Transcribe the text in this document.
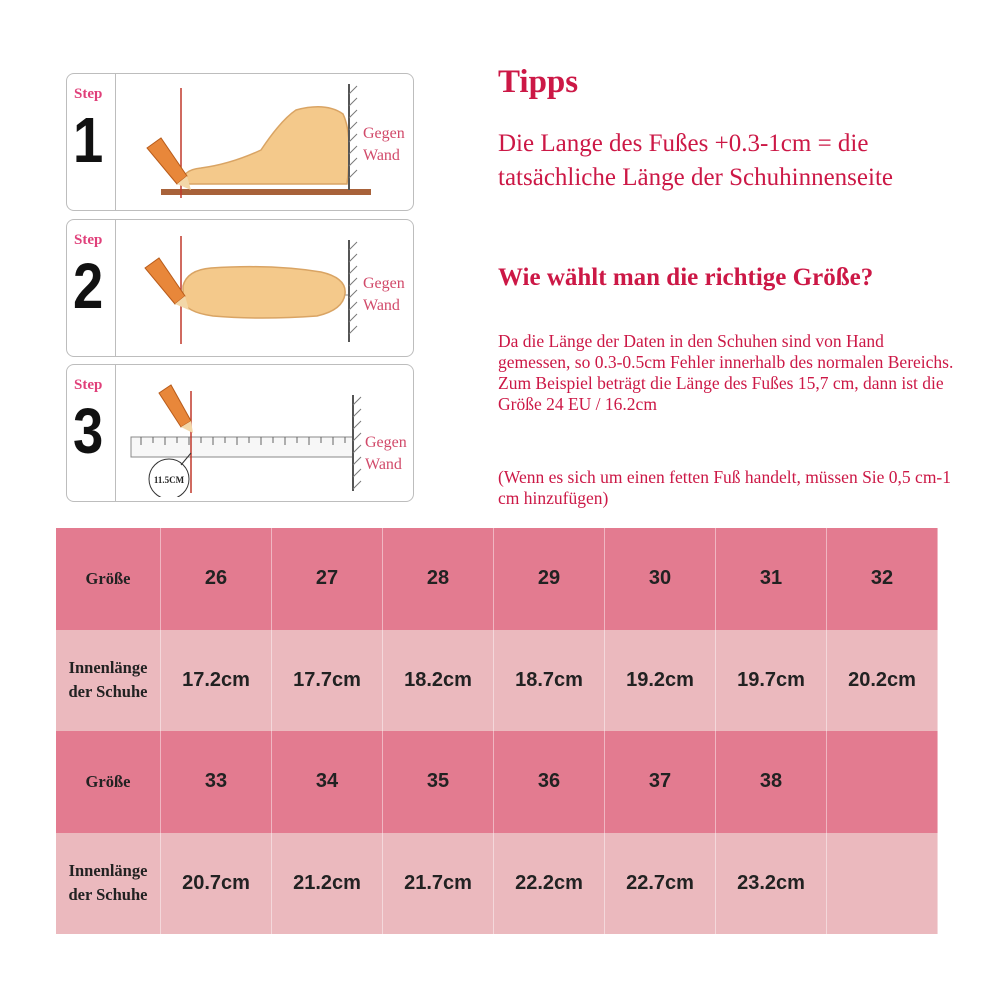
Step
1	Gegen
Wand
Step
2	Gegen
Wand
Step
3
11.5CM
Gegen
Wand
Tipps
Die Lange des Fußes +0.3-1cm = die tatsächliche Länge der Schuhinnenseite
Wie wählt man die richtige Größe?
Da die Länge der Daten in den Schuhen sind von Hand gemessen, so 0.3-0.5cm Fehler innerhalb des normalen Bereichs. Zum Beispiel beträgt die Länge des Fußes 15,7 cm, dann ist die Größe 24 EU / 16.2cm
(Wenn es sich um einen fetten Fuß handelt, müssen Sie 0,5 cm-1 cm hinzufügen)
Größe	26	27	28	29	30	31	32
Innenlänge
der Schuhe
17.2cm	17.7cm	18.2cm	18.7cm	19.2cm	19.7cm	20.2cm
Größe	33	34	35	36	37	38
Innenlänge
der Schuhe
20.7cm	21.2cm	21.7cm	22.2cm	22.7cm	23.2cm
